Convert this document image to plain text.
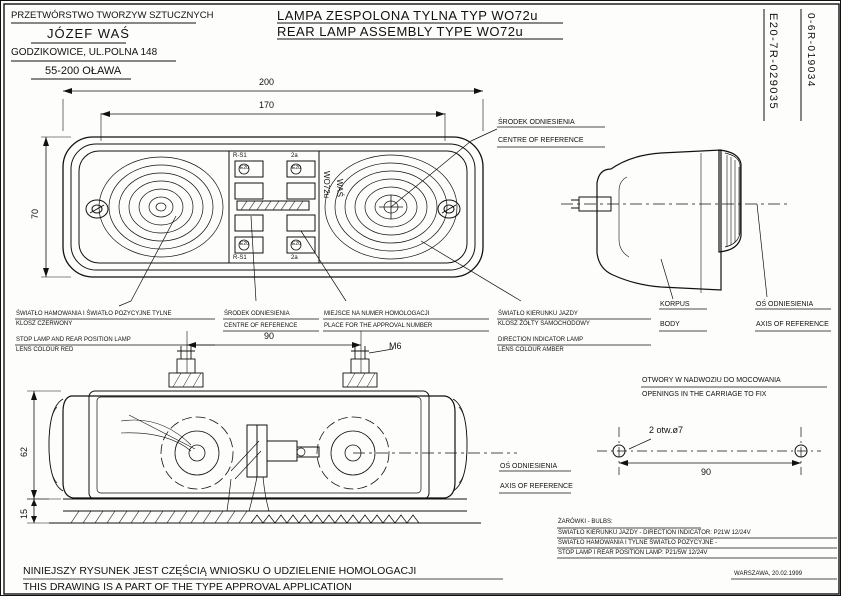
PRZETWÓRSTWO TWORZYW SZTUCZNYCH
JÓZEF WAŚ
GODZIKOWICE, UL.POLNA 148
55-200 OŁAWA
LAMPA ZESPOLONA TYLNA TYP WO72u
REAR LAMP ASSEMBLY TYPE WO72u	E20-7R-029035	0-6R-019034
200
170
70
R-S1
R-S1
2a
2a
E20	E20
E20	E20
WAŚ
WO72u
ŚRODEK ODNIESIENIA
CENTRE OF REFERENCE
ŚWIATŁO HAMOWANIA I ŚWIATŁO POZYCYJNE TYLNE
KLOSZ CZERWONY
STOP LAMP AND REAR POSITION LAMP
LENS COLOUR RED
ŚRODEK ODNIESIENIA
CENTRE OF REFERENCE
MIEJSCE NA NUMER HOMOLOGACJI
PLACE FOR THE APPROVAL NUMBER
ŚWIATŁO KIERUNKU JAZDY
KLOSZ ŻÓŁTY SAMOCHODOWY
DIRECTION INDICATOR LAMP
LENS COLOUR AMBER
KORPUS
BODY
OŚ ODNIESIENIA
AXIS OF REFERENCE
OŚ ODNIESIENIA
AXIS OF REFERENCE
90
M6
62
15
OTWORY W NADWOZIU DO MOCOWANIA
OPENINGS IN THE CARRIAGE TO FIX
2 otw.ø7
90
ŻARÓWKI - BULBS:
ŚWIATŁO KIERUNKU JAZDY - DIRECTION INDICATOR: P21W 12/24V
ŚWIATŁO HAMOWANIA I TYLNE ŚWIATŁO POZYCYJNE -
STOP LAMP I REAR POSITION LAMP: P21/5W 12/24V
WARSZAWA, 20.02.1999
NINIEJSZY RYSUNEK JEST CZĘŚCIĄ WNIOSKU O UDZIELENIE HOMOLOGACJI
THIS DRAWING IS A PART OF THE TYPE APPROVAL APPLICATION
